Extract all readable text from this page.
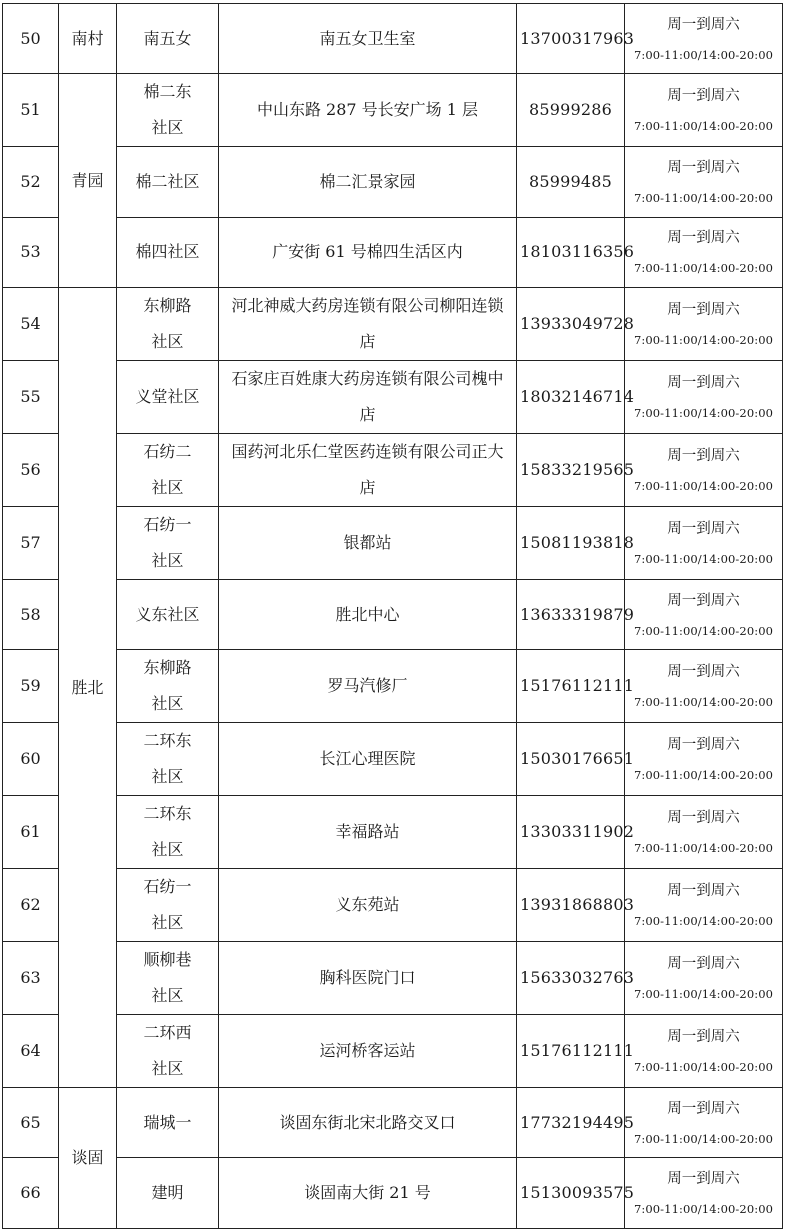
50	南村	南五女	南五女卫生室	13700317963	周一到周六
7:00-11:00/14:00-20:00

51	青园	棉二东社区	中山东路 287 号长安广场 1 层	85999286	周一到周六
7:00-11:00/14:00-20:00

52		棉二社区	棉二汇景家园	85999485	周一到周六
7:00-11:00/14:00-20:00

53		棉四社区	广安街 61 号棉四生活区内	18103116356	周一到周六
7:00-11:00/14:00-20:00

54	胜北	东柳路社区	河北神威大药房连锁有限公司柳阳连锁店	13933049728	周一到周六
7:00-11:00/14:00-20:00

55		义堂社区	石家庄百姓康大药房连锁有限公司槐中店	18032146714	周一到周六
7:00-11:00/14:00-20:00

56		石纺二社区	国药河北乐仁堂医药连锁有限公司正大店	15833219565	周一到周六
7:00-11:00/14:00-20:00

57		石纺一社区	银都站	15081193818	周一到周六
7:00-11:00/14:00-20:00

58		义东社区	胜北中心	13633319879	周一到周六
7:00-11:00/14:00-20:00

59		东柳路社区	罗马汽修厂	15176112111	周一到周六
7:00-11:00/14:00-20:00

60		二环东社区	长江心理医院	15030176651	周一到周六
7:00-11:00/14:00-20:00

61		二环东社区	幸福路站	13303311902	周一到周六
7:00-11:00/14:00-20:00

62		石纺一社区	义东苑站	13931868803	周一到周六
7:00-11:00/14:00-20:00

63		顺柳巷社区	胸科医院门口	15633032763	周一到周六
7:00-11:00/14:00-20:00

64		二环西社区	运河桥客运站	15176112111	周一到周六
7:00-11:00/14:00-20:00

65	谈固	瑞城一	谈固东街北宋北路交叉口	17732194495	周一到周六
7:00-11:00/14:00-20:00

66		建明	谈固南大街 21 号	15130093575	周一到周六
7:00-11:00/14:00-20:00
